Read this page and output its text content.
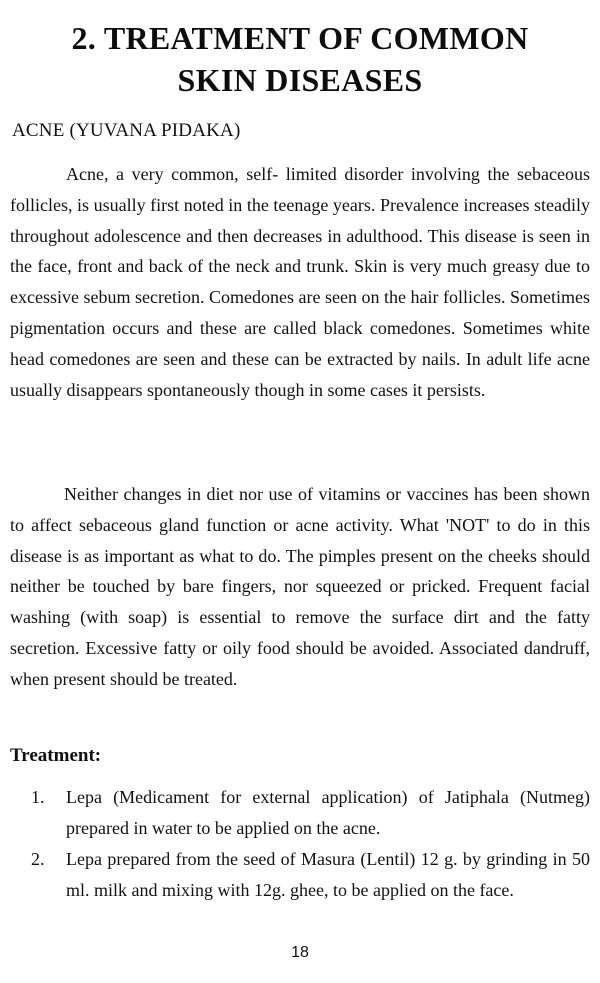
2. TREATMENT OF COMMON
SKIN DISEASES
ACNE (YUVANA PIDAKA)

Acne, a very common, self- limited disorder involving the sebaceous follicles, is usually first noted in the teenage years. Prevalence increases steadily throughout adolescence and then decreases in adulthood. This disease is seen in the face, front and back of the neck and trunk. Skin is very much greasy due to excessive sebum secretion. Comedones are seen on the hair follicles. Sometimes pigmentation occurs and these are called black comedones. Sometimes white head comedones are seen and these can be extracted by nails. In adult life acne usually disappears spontaneously though in some cases it persists.

Neither changes in diet nor use of vitamins or vaccines has been shown to affect sebaceous gland function or acne activity. What 'NOT' to do in this disease is as important as what to do. The pimples present on the cheeks should neither be touched by bare fingers, nor squeezed or pricked. Frequent facial washing (with soap) is essential to remove the surface dirt and the fatty secretion. Excessive fatty or oily food should be avoided. Associated dandruff, when present should be treated.

Treatment:
1. Lepa (Medicament for external application) of Jatiphala (Nutmeg) prepared in water to be applied on the acne.
2. Lepa prepared from the seed of Masura (Lentil) 12 g. by grinding in 50 ml. milk and mixing with 12g. ghee, to be applied on the face.
18
